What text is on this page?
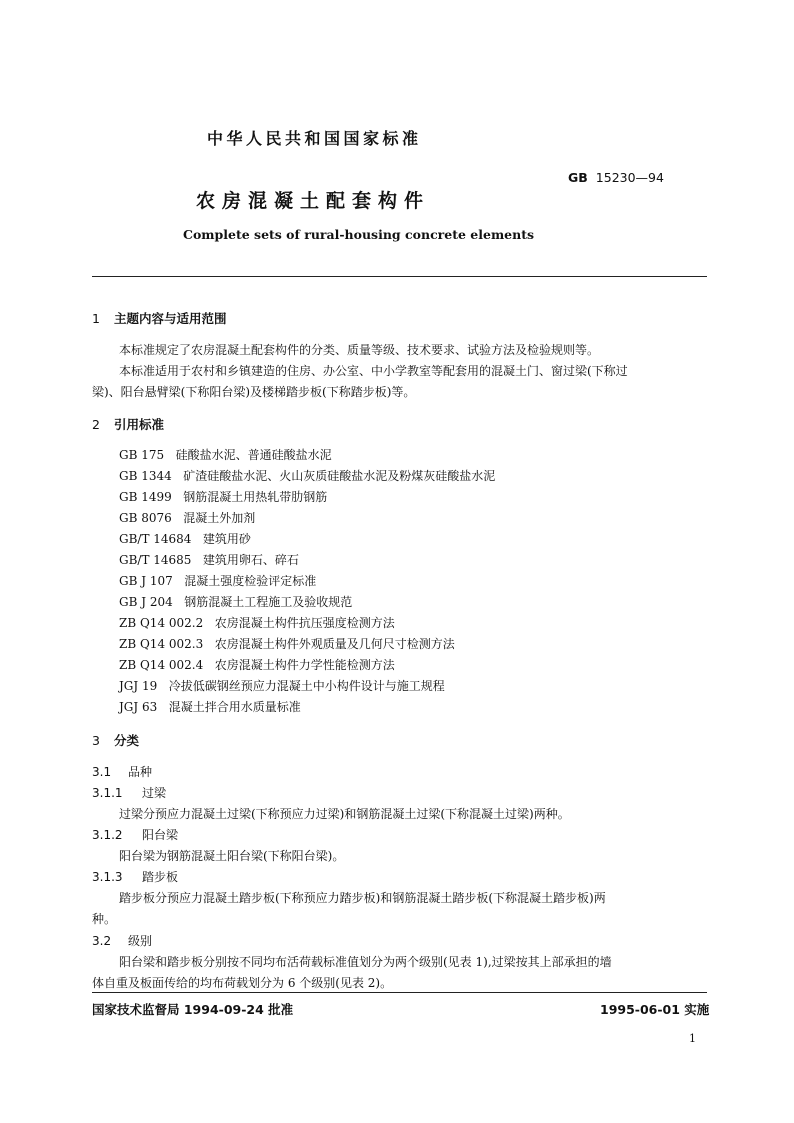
中华人民共和国国家标准
GB 15230—94
农房混凝土配套构件
Complete sets of rural-housing concrete elements
1 主题内容与适用范围
本标准规定了农房混凝土配套构件的分类、质量等级、技术要求、试验方法及检验规则等。
本标准适用于农村和乡镇建造的住房、办公室、中小学教室等配套用的混凝土门、窗过梁(下称过
梁)、阳台悬臂梁(下称阳台梁)及楼梯踏步板(下称踏步板)等。
2 引用标准
GB 175 硅酸盐水泥、普通硅酸盐水泥
GB 1344 矿渣硅酸盐水泥、火山灰质硅酸盐水泥及粉煤灰硅酸盐水泥
GB 1499 钢筋混凝土用热轧带肋钢筋
GB 8076 混凝土外加剂
GB/T 14684 建筑用砂
GB/T 14685 建筑用卵石、碎石
GB J 107 混凝土强度检验评定标准
GB J 204 钢筋混凝土工程施工及验收规范
ZB Q14 002.2 农房混凝土构件抗压强度检测方法
ZB Q14 002.3 农房混凝土构件外观质量及几何尺寸检测方法
ZB Q14 002.4 农房混凝土构件力学性能检测方法
JGJ 19 冷拔低碳钢丝预应力混凝土中小构件设计与施工规程
JGJ 63 混凝土拌合用水质量标准
3 分类
3.1 品种
3.1.1 过梁
过梁分预应力混凝土过梁(下称预应力过梁)和钢筋混凝土过梁(下称混凝土过梁)两种。
3.1.2 阳台梁
阳台梁为钢筋混凝土阳台梁(下称阳台梁)。
3.1.3 踏步板
踏步板分预应力混凝土踏步板(下称预应力踏步板)和钢筋混凝土踏步板(下称混凝土踏步板)两
种。
3.2 级别
阳台梁和踏步板分别按不同均布活荷载标准值划分为两个级别(见表 1),过梁按其上部承担的墙
体自重及板面传给的均布荷载划分为 6 个级别(见表 2)。
国家技术监督局 1994-09-24 批准	1995-06-01 实施
1
